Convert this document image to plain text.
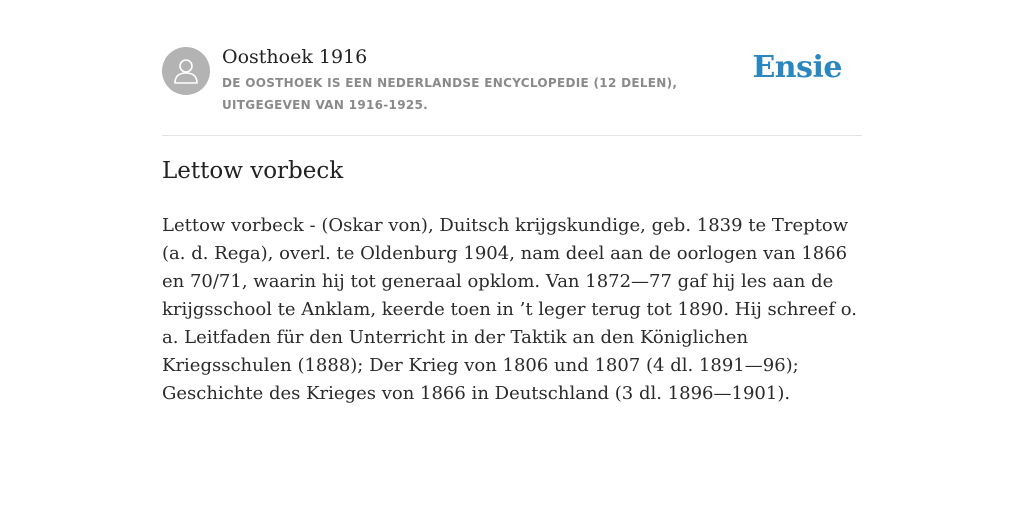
Oosthoek 1916
DE OOSTHOEK IS EEN NEDERLANDSE ENCYCLOPEDIE (12 DELEN), UITGEGEVEN VAN 1916-1925.
Ensie
Lettow vorbeck

Lettow vorbeck - (Oskar von), Duitsch krijgskundige, geb. 1839 te Treptow (a. d. Rega), overl. te Oldenburg 1904, nam deel aan de oorlogen van 1866 en 70/71, waarin hij tot generaal opklom. Van 1872—77 gaf hij les aan de krijgsschool te Anklam, keerde toen in ’t leger terug tot 1890. Hij schreef o. a. Leitfaden für den Unterricht in der Taktik an den Königlichen Kriegsschulen (1888); Der Krieg von 1806 und 1807 (4 dl. 1891—96); Geschichte des Krieges von 1866 in Deutschland (3 dl. 1896—1901).
